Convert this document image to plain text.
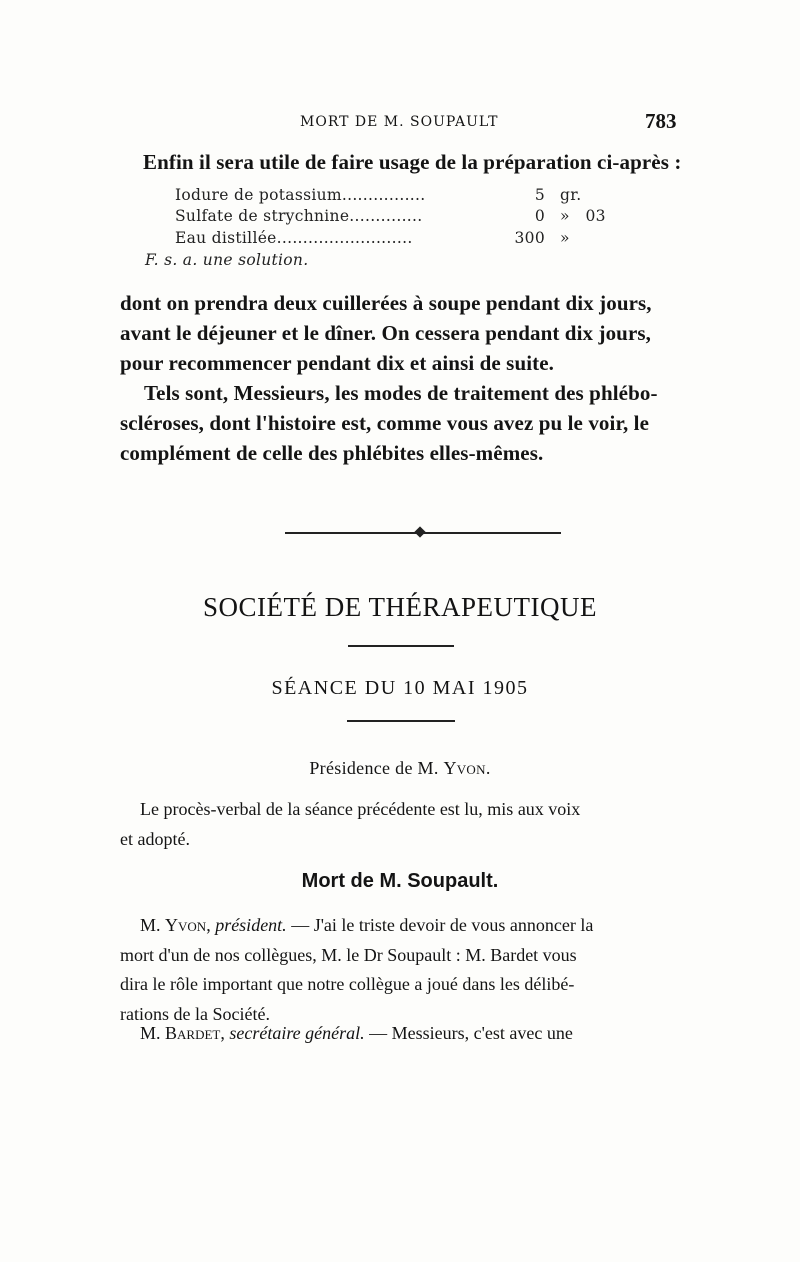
MORT DE M. SOUPAULT	783
Enfin il sera utile de faire usage de la préparation ci-après :
Iodure de potassium................	5 gr.
Sulfate de strychnine..............	0 »   03
Eau distillée..........................	300 »
F. s. a. une solution.
dont on prendra deux cuillerées à soupe pendant dix jours,
avant le déjeuner et le dîner. On cessera pendant dix jours,
pour recommencer pendant dix et ainsi de suite.
Tels sont, Messieurs, les modes de traitement des phlébo-
scléroses, dont l'histoire est, comme vous avez pu le voir, le
complément de celle des phlébites elles-mêmes.
SOCIÉTÉ DE THÉRAPEUTIQUE
SÉANCE DU 10 MAI 1905
Présidence de M. Yvon.
Le procès-verbal de la séance précédente est lu, mis aux voix
et adopté.
Mort de M. Soupault.
M. Yvon, président. — J'ai le triste devoir de vous annoncer la
mort d'un de nos collègues, M. le Dr Soupault : M. Bardet vous
dira le rôle important que notre collègue a joué dans les délibé-
rations de la Société.
M. Bardet, secrétaire général. — Messieurs, c'est avec une
